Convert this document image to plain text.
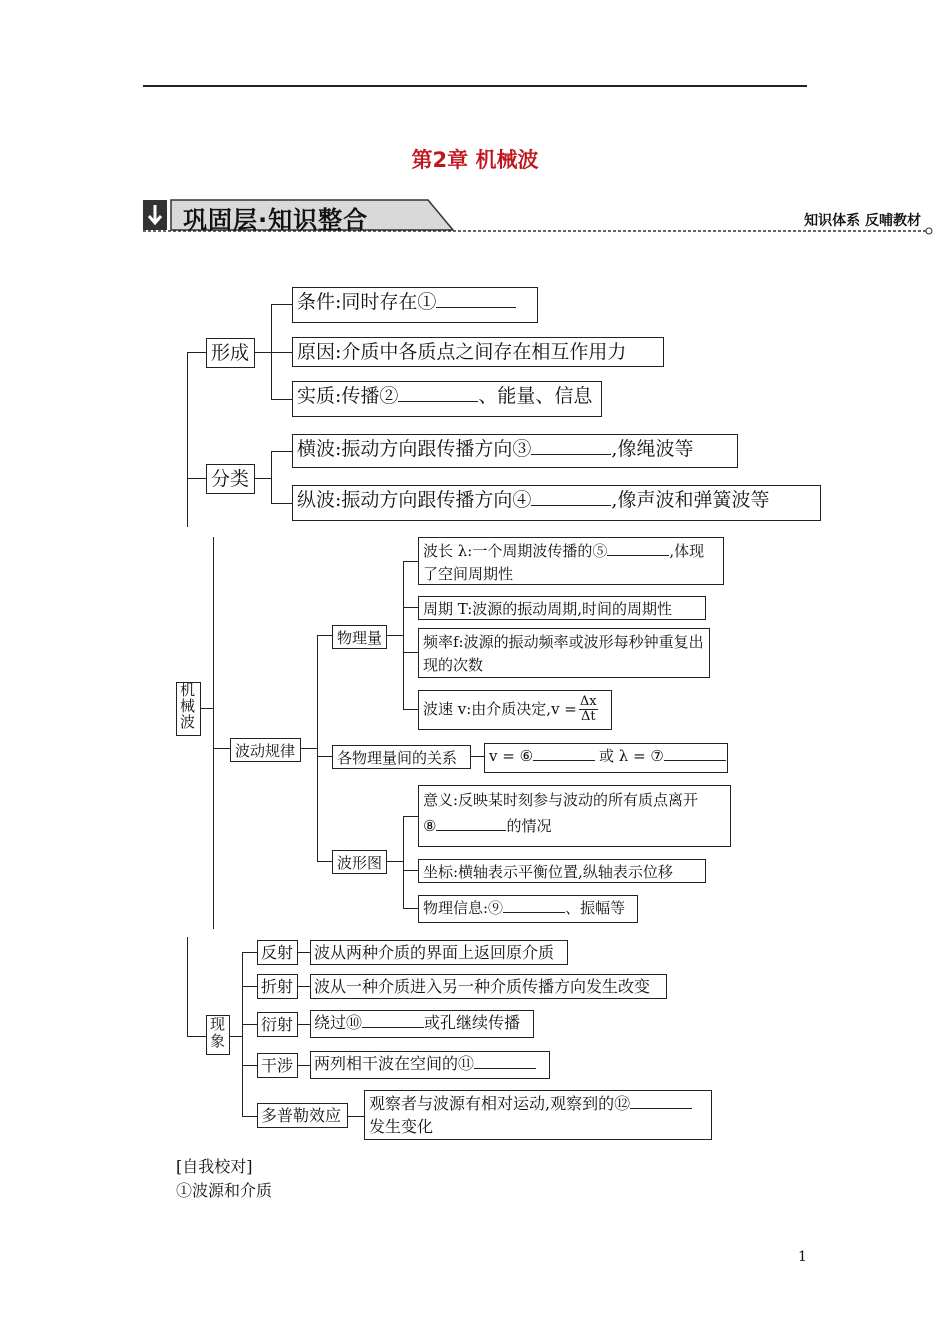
第2章 机械波
巩固层·知识整合	知识体系 反哺教材
机
械
波
形成
条件:同时存在①
原因:介质中各质点之间存在相互作用力
实质:传播②	、能量、信息
分类
横波:振动方向跟传播方向③	,像绳波等
纵波:振动方向跟传播方向④	,像声波和弹簧波等
波动规律
物理量
波长 λ:一个周期波传播的⑤	,体现了空间周期性
周期 T:波源的振动周期,时间的周期性
频率f:波源的振动频率或波形每秒钟重复出现的次数
波速 v:由介质决定$,v = \frac{\Delta x}{\Delta t}$
各物理量间的关系	v = ⑥	或 λ = ⑦
波形图
意义:反映某时刻参与波动的所有质点离开
⑧	的情况
坐标:横轴表示平衡位置,纵轴表示位移
物理信息:⑨	、振幅等
现
象
反射	波从两种介质的界面上返回原介质
折射	波从一种介质进入另一种介质传播方向发生改变
衍射	绕过⑩	或孔继续传播
干涉	两列相干波在空间的⑪
多普勒效应
观察者与波源有相对运动,观察到的⑫
发生变化
[自我校对]
①波源和介质
1
